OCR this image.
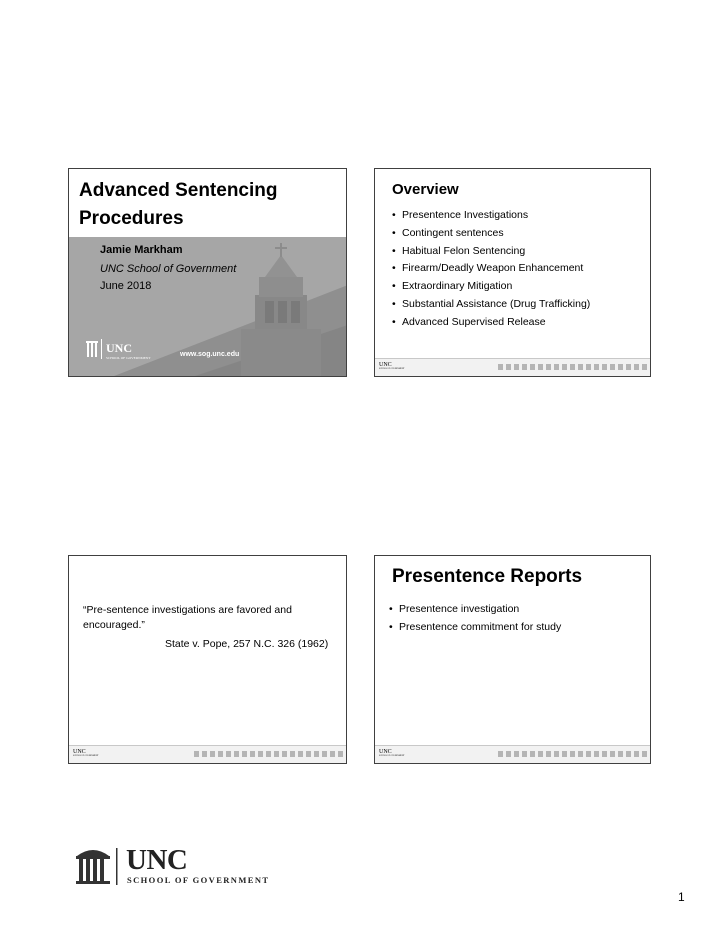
Advanced Sentencing
Procedures
Jamie Markham
UNC School of Government
June 2018
UNC
SCHOOL OF GOVERNMENT	www.sog.unc.edu
Overview
• Presentence Investigations
• Contingent sentences
• Habitual Felon Sentencing
• Firearm/Deadly Weapon Enhancement
• Extraordinary Mitigation
• Substantial Assistance (Drug Trafficking)
• Advanced Supervised Release
UNC
SCHOOL OF GOVERNMENT
“Pre-sentence investigations are favored and encouraged.”
State v. Pope, 257 N.C. 326 (1962)
UNC
SCHOOL OF GOVERNMENT
Presentence Reports
• Presentence investigation
• Presentence commitment for study
UNC
SCHOOL OF GOVERNMENT
UNC
SCHOOL OF GOVERNMENT
1
